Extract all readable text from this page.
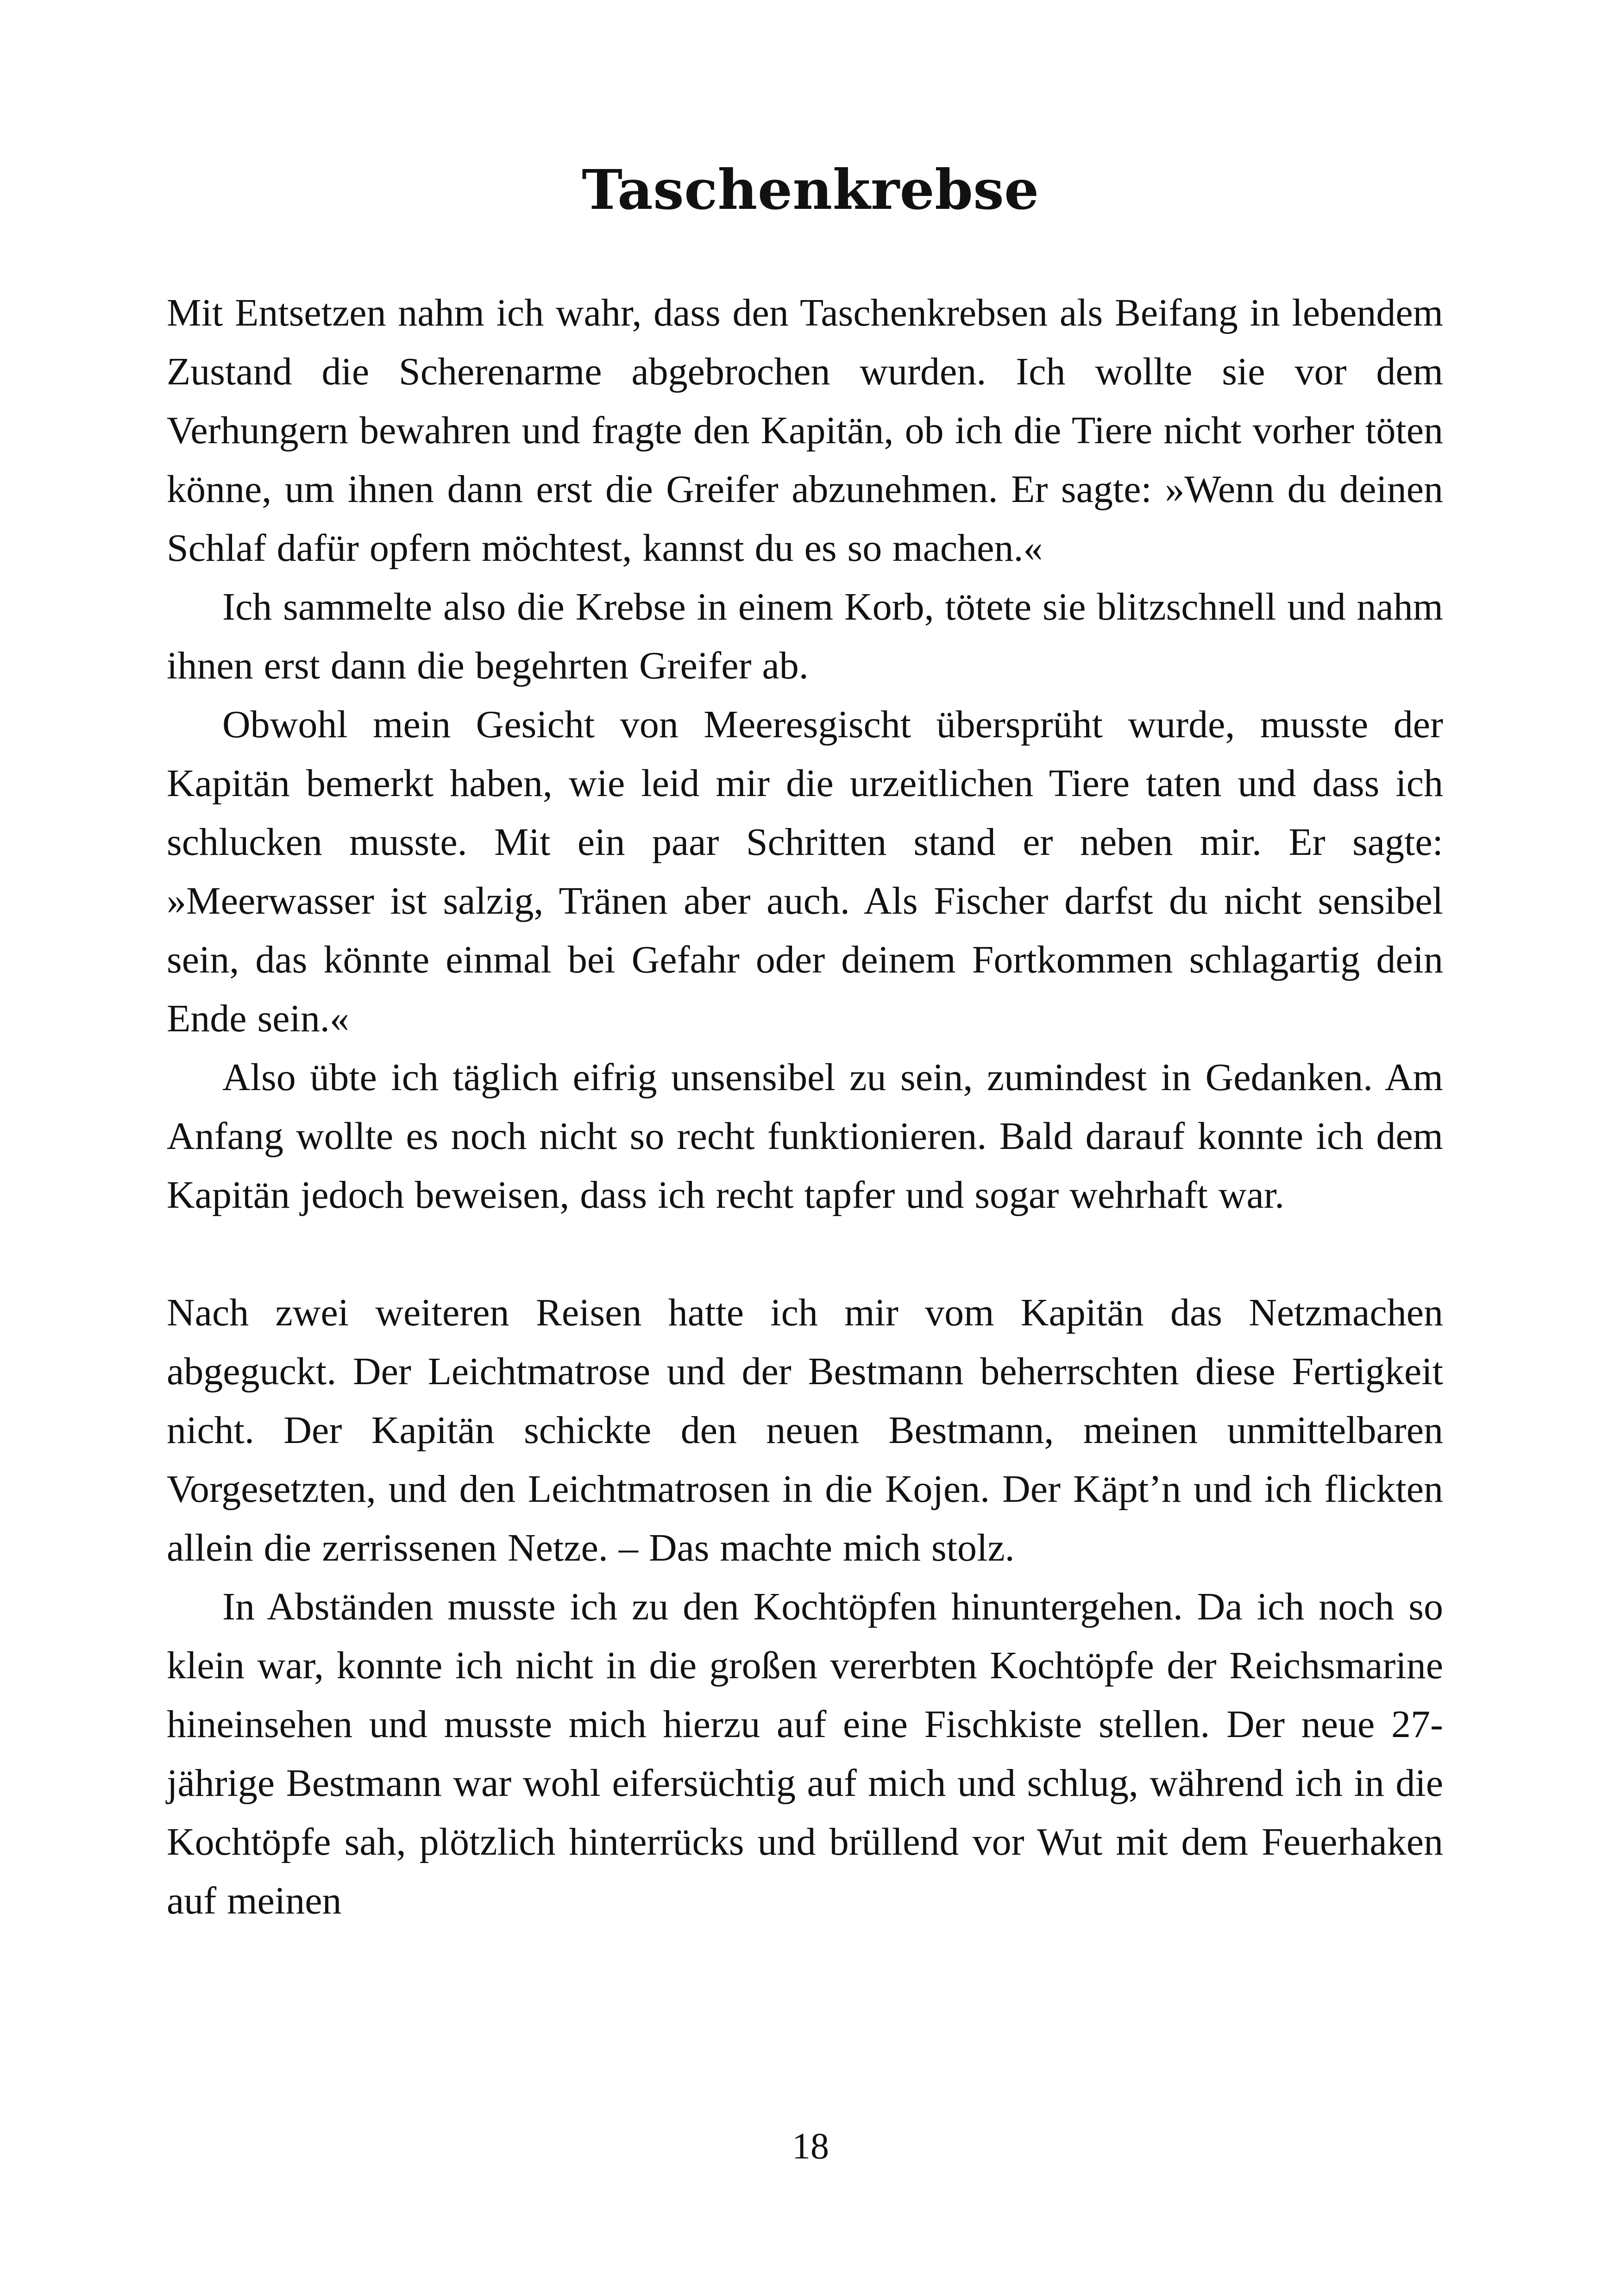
Taschenkrebse

Mit Entsetzen nahm ich wahr, dass den Taschenkrebsen als Beifang in lebendem Zustand die Scherenarme abgebrochen wurden. Ich wollte sie vor dem Verhungern bewahren und fragte den Kapitän, ob ich die Tiere nicht vorher töten könne, um ihnen dann erst die Greifer abzunehmen. Er sagte: »Wenn du deinen Schlaf dafür opfern möchtest, kannst du es so machen.«

Ich sammelte also die Krebse in einem Korb, tötete sie blitzschnell und nahm ihnen erst dann die begehrten Greifer ab.

Obwohl mein Gesicht von Meeresgischt übersprüht wurde, musste der Kapitän bemerkt haben, wie leid mir die urzeitlichen Tiere taten und dass ich schlucken musste. Mit ein paar Schritten stand er neben mir. Er sagte: »Meerwasser ist salzig, Tränen aber auch. Als Fischer darfst du nicht sensibel sein, das könnte einmal bei Gefahr oder deinem Fortkommen schlagartig dein Ende sein.«

Also übte ich täglich eifrig unsensibel zu sein, zumindest in Gedanken. Am Anfang wollte es noch nicht so recht funktionieren. Bald darauf konnte ich dem Kapitän jedoch beweisen, dass ich recht tapfer und sogar wehrhaft war.

Nach zwei weiteren Reisen hatte ich mir vom Kapitän das Netzmachen abgeguckt. Der Leichtmatrose und der Bestmann beherrschten diese Fertigkeit nicht. Der Kapitän schickte den neuen Bestmann, meinen unmittelbaren Vorgesetzten, und den Leichtmatrosen in die Kojen. Der Käpt’n und ich flickten allein die zerrissenen Netze. – Das machte mich stolz.

In Abständen musste ich zu den Kochtöpfen hinuntergehen. Da ich noch so klein war, konnte ich nicht in die großen vererbten Kochtöpfe der Reichsmarine hineinsehen und musste mich hierzu auf eine Fischkiste stellen. Der neue 27-jährige Bestmann war wohl eifersüchtig auf mich und schlug, während ich in die Kochtöpfe sah, plötzlich hinterrücks und brüllend vor Wut mit dem Feuerhaken auf meinen

18
